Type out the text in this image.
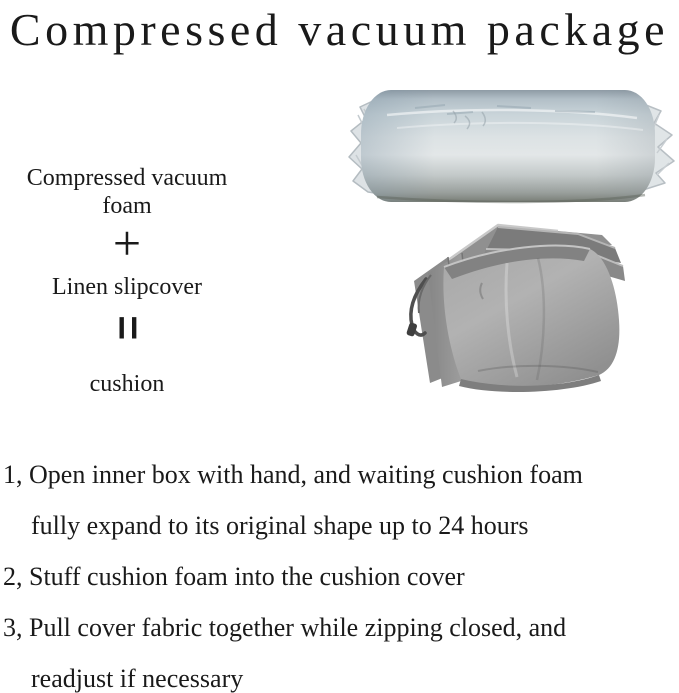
Compressed vacuum package
Compressed vacuum foam
+
Linen slipcover
=
cushion
1, Open inner box with hand, and waiting cushion foam
fully expand to its original shape up to 24 hours
2, Stuff cushion foam into the cushion cover
3, Pull cover fabric together while zipping closed, and
readjust if necessary
